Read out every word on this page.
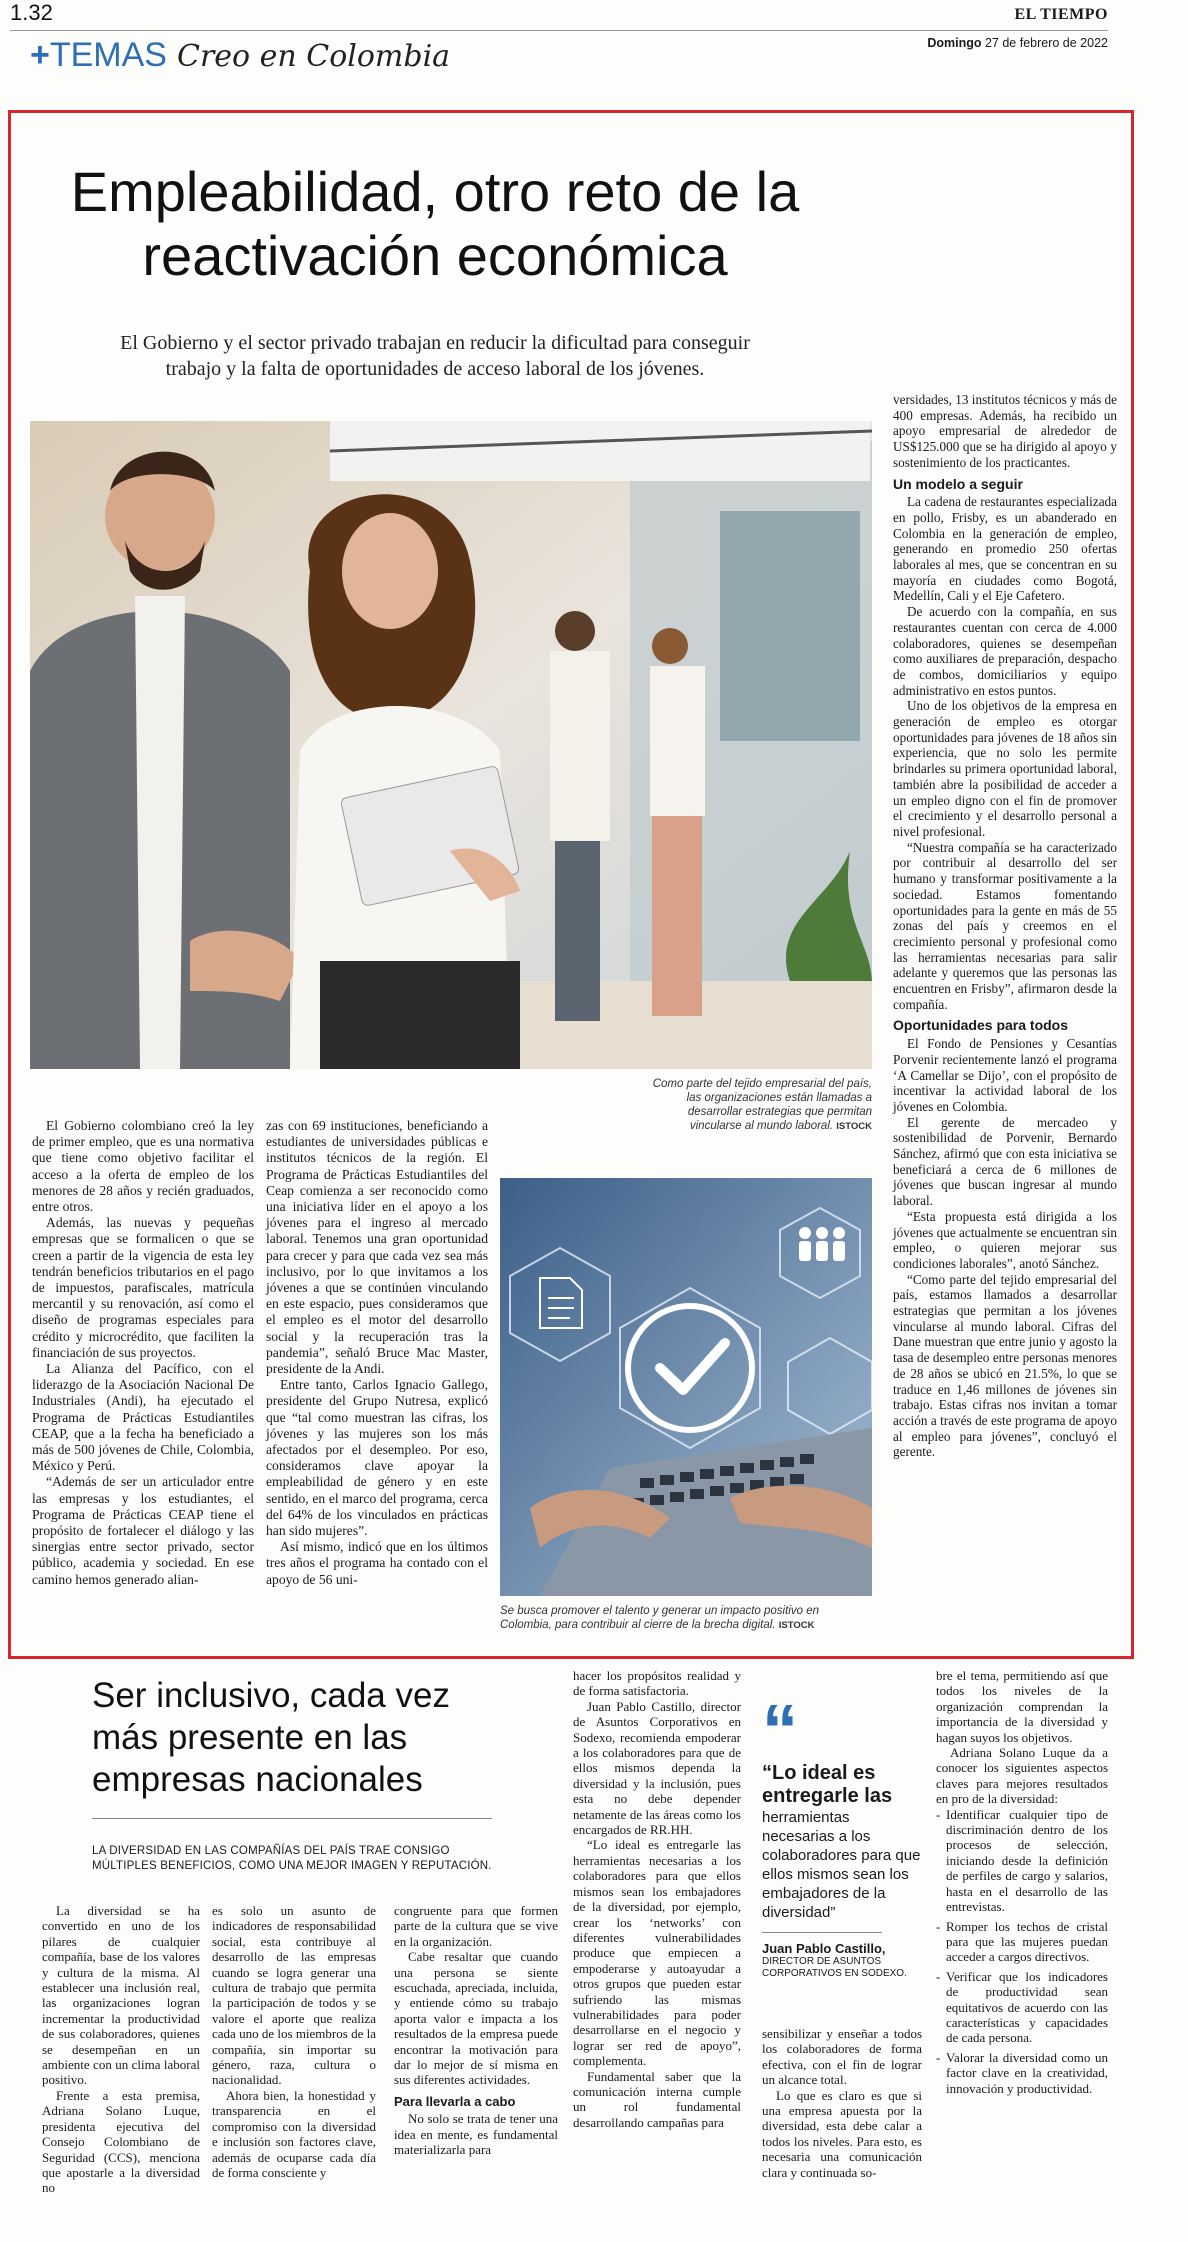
1.32
+TEMAS Creo en Colombia
EL TIEMPO
Domingo 27 de febrero de 2022
Empleabilidad, otro reto de la
reactivación económica
El Gobierno y el sector privado trabajan en reducir la dificultad para conseguir
trabajo y la falta de oportunidades de acceso laboral de los jóvenes.
Como parte del tejido empresarial del país, las organizaciones están llamadas a desarrollar estrategias que permitan vincularse al mundo laboral. ISTOCK
Se busca promover el talento y generar un impacto positivo en Colombia, para contribuir al cierre de la brecha digital. ISTOCK

El Gobierno colombiano creó la ley de primer empleo, que es una normativa que tiene como objetivo facilitar el acceso a la oferta de empleo de los menores de 28 años y recién graduados, entre otros.

Además, las nuevas y pequeñas empresas que se formalicen o que se creen a partir de la vigencia de esta ley tendrán beneficios tributarios en el pago de impuestos, parafiscales, matrícula mercantil y su renovación, así como el diseño de programas especiales para crédito y microcrédito, que faciliten la financiación de sus proyectos.

La Alianza del Pacífico, con el liderazgo de la Asociación Nacional De Industriales (Andi), ha ejecutado el Programa de Prácticas Estudiantiles CEAP, que a la fecha ha beneficiado a más de 500 jóvenes de Chile, Colombia, México y Perú.

“Además de ser un articulador entre las empresas y los estudiantes, el Programa de Prácticas CEAP tiene el propósito de fortalecer el diálogo y las sinergias entre sector privado, sector público, academia y sociedad. En ese camino hemos generado alian-

zas con 69 instituciones, beneficiando a estudiantes de universidades públicas e institutos técnicos de la región. El Programa de Prácticas Estudiantiles del Ceap comienza a ser reconocido como una iniciativa líder en el apoyo a los jóvenes para el ingreso al mercado laboral. Tenemos una gran oportunidad para crecer y para que cada vez sea más inclusivo, por lo que invitamos a los jóvenes a que se continúen vinculando en este espacio, pues consideramos que el empleo es el motor del desarrollo social y la recuperación tras la pandemia”, señaló Bruce Mac Master, presidente de la Andi.

Entre tanto, Carlos Ignacio Gallego, presidente del Grupo Nutresa, explicó que “tal como muestran las cifras, los jóvenes y las mujeres son los más afectados por el desempleo. Por eso, consideramos clave apoyar la empleabilidad de género y en este sentido, en el marco del programa, cerca del 64% de los vinculados en prácticas han sido mujeres”.

Así mismo, indicó que en los últimos tres años el programa ha contado con el apoyo de 56 uni-

versidades, 13 institutos técnicos y más de 400 empresas. Además, ha recibido un apoyo empresarial de alrededor de US$125.000 que se ha dirigido al apoyo y sostenimiento de los practicantes.

Un modelo a seguir

La cadena de restaurantes especializada en pollo, Frisby, es un abanderado en Colombia en la generación de empleo, generando en promedio 250 ofertas laborales al mes, que se concentran en su mayoría en ciudades como Bogotá, Medellín, Cali y el Eje Cafetero.

De acuerdo con la compañía, en sus restaurantes cuentan con cerca de 4.000 colaboradores, quienes se desempeñan como auxiliares de preparación, despacho de combos, domiciliarios y equipo administrativo en estos puntos.

Uno de los objetivos de la empresa en generación de empleo es otorgar oportunidades para jóvenes de 18 años sin experiencia, que no solo les permite brindarles su primera oportunidad laboral, también abre la posibilidad de acceder a un empleo digno con el fin de promover el crecimiento y el desarrollo personal a nivel profesional.

“Nuestra compañía se ha caracterizado por contribuir al desarrollo del ser humano y transformar positivamente a la sociedad. Estamos fomentando oportunidades para la gente en más de 55 zonas del país y creemos en el crecimiento personal y profesional como las herramientas necesarias para salir adelante y queremos que las personas las encuentren en Frisby”, afirmaron desde la compañía.

Oportunidades para todos

El Fondo de Pensiones y Cesantías Porvenir recientemente lanzó el programa ‘A Camellar se Dijo’, con el propósito de incentivar la actividad laboral de los jóvenes en Colombia.

El gerente de mercadeo y sostenibilidad de Porvenir, Bernardo Sánchez, afirmó que con esta iniciativa se beneficiará a cerca de 6 millones de jóvenes que buscan ingresar al mundo laboral.

“Esta propuesta está dirigida a los jóvenes que actualmente se encuentran sin empleo, o quieren mejorar sus condiciones laborales”, anotó Sánchez.

“Como parte del tejido empresarial del país, estamos llamados a desarrollar estrategias que permitan a los jóvenes vincularse al mundo laboral. Cifras del Dane muestran que entre junio y agosto la tasa de desempleo entre personas menores de 28 años se ubicó en 21.5%, lo que se traduce en 1,46 millones de jóvenes sin trabajo. Estas cifras nos invitan a tomar acción a través de este programa de apoyo al empleo para jóvenes”, concluyó el gerente.

Ser inclusivo, cada vez
más presente en las
empresas nacionales
LA DIVERSIDAD EN LAS COMPAÑÍAS DEL PAÍS TRAE CONSIGO
MÚLTIPLES BENEFICIOS, COMO UNA MEJOR IMAGEN Y REPUTACIÓN.

La diversidad se ha convertido en uno de los pilares de cualquier compañía, base de los valores y cultura de la misma. Al establecer una inclusión real, las organizaciones logran incrementar la productividad de sus colaboradores, quienes se desempeñan en un ambiente con un clima laboral positivo.

Frente a esta premisa, Adriana Solano Luque, presidenta ejecutiva del Consejo Colombiano de Seguridad (CCS), menciona que apostarle a la diversidad no

es solo un asunto de indicadores de responsabilidad social, esta contribuye al desarrollo de las empresas cuando se logra generar una cultura de trabajo que permita la participación de todos y se valore el aporte que realiza cada uno de los miembros de la compañía, sin importar su género, raza, cultura o nacionalidad.

Ahora bien, la honestidad y transparencia en el compromiso con la diversidad e inclusión son factores clave, además de ocuparse cada día de forma consciente y

congruente para que formen parte de la cultura que se vive en la organización.

Cabe resaltar que cuando una persona se siente escuchada, apreciada, incluida, y entiende cómo su trabajo aporta valor e impacta a los resultados de la empresa puede encontrar la motivación para dar lo mejor de sí misma en sus diferentes actividades.

Para llevarla a cabo

No solo se trata de tener una idea en mente, es fundamental materializarla para

hacer los propósitos realidad y de forma satisfactoria.

Juan Pablo Castillo, director de Asuntos Corporativos en Sodexo, recomienda empoderar a los colaboradores para que de ellos mismos dependa la diversidad y la inclusión, pues esta no debe depender netamente de las áreas como los encargados de RR.HH.

“Lo ideal es entregarle las herramientas necesarias a los colaboradores para que ellos mismos sean los embajadores de la diversidad, por ejemplo, crear los ‘networks’ con diferentes vulnerabilidades produce que empiecen a empoderarse y autoayudar a otros grupos que pueden estar sufriendo las mismas vulnerabilidades para poder desarrollarse en el negocio y lograr ser red de apoyo”, complementa.

Fundamental saber que la comunicación interna cumple un rol fundamental desarrollando campañas para

“
“Lo ideal es entregarle las
herramientas necesarias a los colaboradores para que ellos mismos sean los embajadores de la diversidad”
Juan Pablo Castillo,
DIRECTOR DE ASUNTOS CORPORATIVOS EN SODEXO.

sensibilizar y enseñar a todos los colaboradores de forma efectiva, con el fin de lograr un alcance total.

Lo que es claro es que si una empresa apuesta por la diversidad, esta debe calar a todos los niveles. Para esto, es necesaria una comunicación clara y continuada so-

bre el tema, permitiendo así que todos los niveles de la organización comprendan la importancia de la diversidad y hagan suyos los objetivos.

Adriana Solano Luque da a conocer los siguientes aspectos claves para mejores resultados en pro de la diversidad:

- Identificar cualquier tipo de discriminación dentro de los procesos de selección, iniciando desde la definición de perfiles de cargo y salarios, hasta en el desarrollo de las entrevistas.
- Romper los techos de cristal para que las mujeres puedan acceder a cargos directivos.
- Verificar que los indicadores de productividad sean equitativos de acuerdo con las características y capacidades de cada persona.
- Valorar la diversidad como un factor clave en la creatividad, innovación y productividad.
